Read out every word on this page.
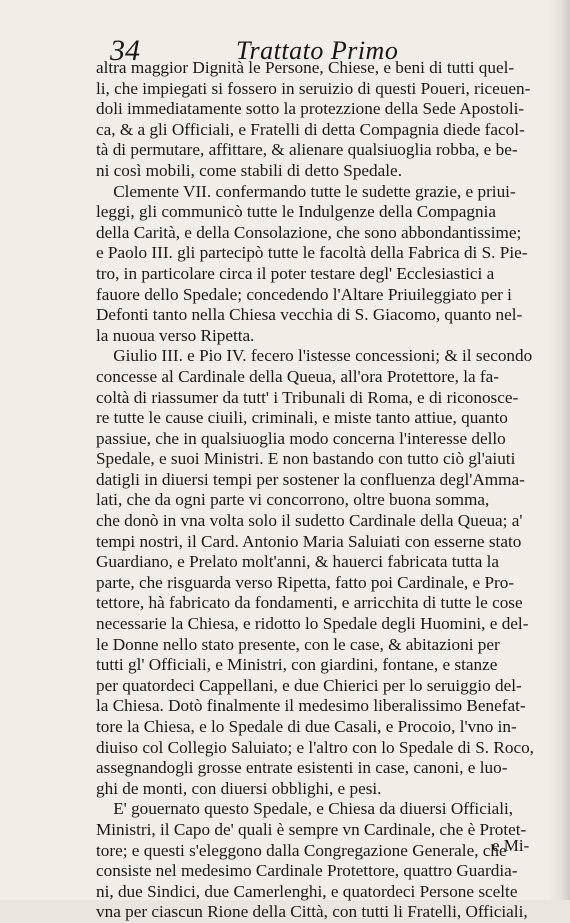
34	Trattato Primo
altra maggior Dignità le Persone, Chiese, e beni di tutti quel-
li, che impiegati si fossero in seruizio di questi Poueri, riceuen-
doli immediatamente sotto la protezzione della Sede Apostoli-
ca, & a gli Officiali, e Fratelli di detta Compagnia diede facol-
tà di permutare, affittare, & alienare qualsiuoglia robba, e be-
ni così mobili, come stabili di detto Spedale.
Clemente VII. confermando tutte le sudette grazie, e priui-
leggi, gli communicò tutte le Indulgenze della Compagnia
della Carità, e della Consolazione, che sono abbondantissime;
e Paolo III. gli partecipò tutte le facoltà della Fabrica di S. Pie-
tro, in particolare circa il poter testare degl' Ecclesiastici a
fauore dello Spedale; concedendo l'Altare Priuileggiato per i
Defonti tanto nella Chiesa vecchia di S. Giacomo, quanto nel-
la nuoua verso Ripetta.
Giulio III. e Pio IV. fecero l'istesse concessioni; & il secondo
concesse al Cardinale della Queua, all'ora Protettore, la fa-
coltà di riassumer da tutt' i Tribunali di Roma, e di riconosce-
re tutte le cause ciuili, criminali, e miste tanto attiue, quanto
passiue, che in qualsiuoglia modo concerna l'interesse dello
Spedale, e suoi Ministri. E non bastando con tutto ciò gl'aiuti
datigli in diuersi tempi per sostener la confluenza degl'Amma-
lati, che da ogni parte vi concorrono, oltre buona somma,
che donò in vna volta solo il sudetto Cardinale della Queua; a'
tempi nostri, il Card. Antonio Maria Saluiati con esserne stato
Guardiano, e Prelato molt'anni, & hauerci fabricata tutta la
parte, che risguarda verso Ripetta, fatto poi Cardinale, e Pro-
tettore, hà fabricato da fondamenti, e arricchita di tutte le cose
necessarie la Chiesa, e ridotto lo Spedale degli Huomini, e del-
le Donne nello stato presente, con le case, & abitazioni per
tutti gl' Officiali, e Ministri, con giardini, fontane, e stanze
per quatordeci Cappellani, e due Chierici per lo seruiggio del-
la Chiesa. Dotò finalmente il medesimo liberalissimo Benefat-
tore la Chiesa, e lo Spedale di due Casali, e Procoio, l'vno in-
diuiso col Collegio Saluiato; e l'altro con lo Spedale di S. Roco,
assegnandogli grosse entrate esistenti in case, canoni, e luo-
ghi de monti, con diuersi obblighi, e pesi.
E' gouernato questo Spedale, e Chiesa da diuersi Officiali,
Ministri, il Capo de' quali è sempre vn Cardinale, che è Protet-
tore; e questi s'eleggono dalla Congregazione Generale, che
consiste nel medesimo Cardinale Protettore, quattro Guardia-
ni, due Sindici, due Camerlenghi, e quatordeci Persone scelte
vna per ciascun Rione della Città, con tutti li Fratelli, Officiali,
e Mi-
